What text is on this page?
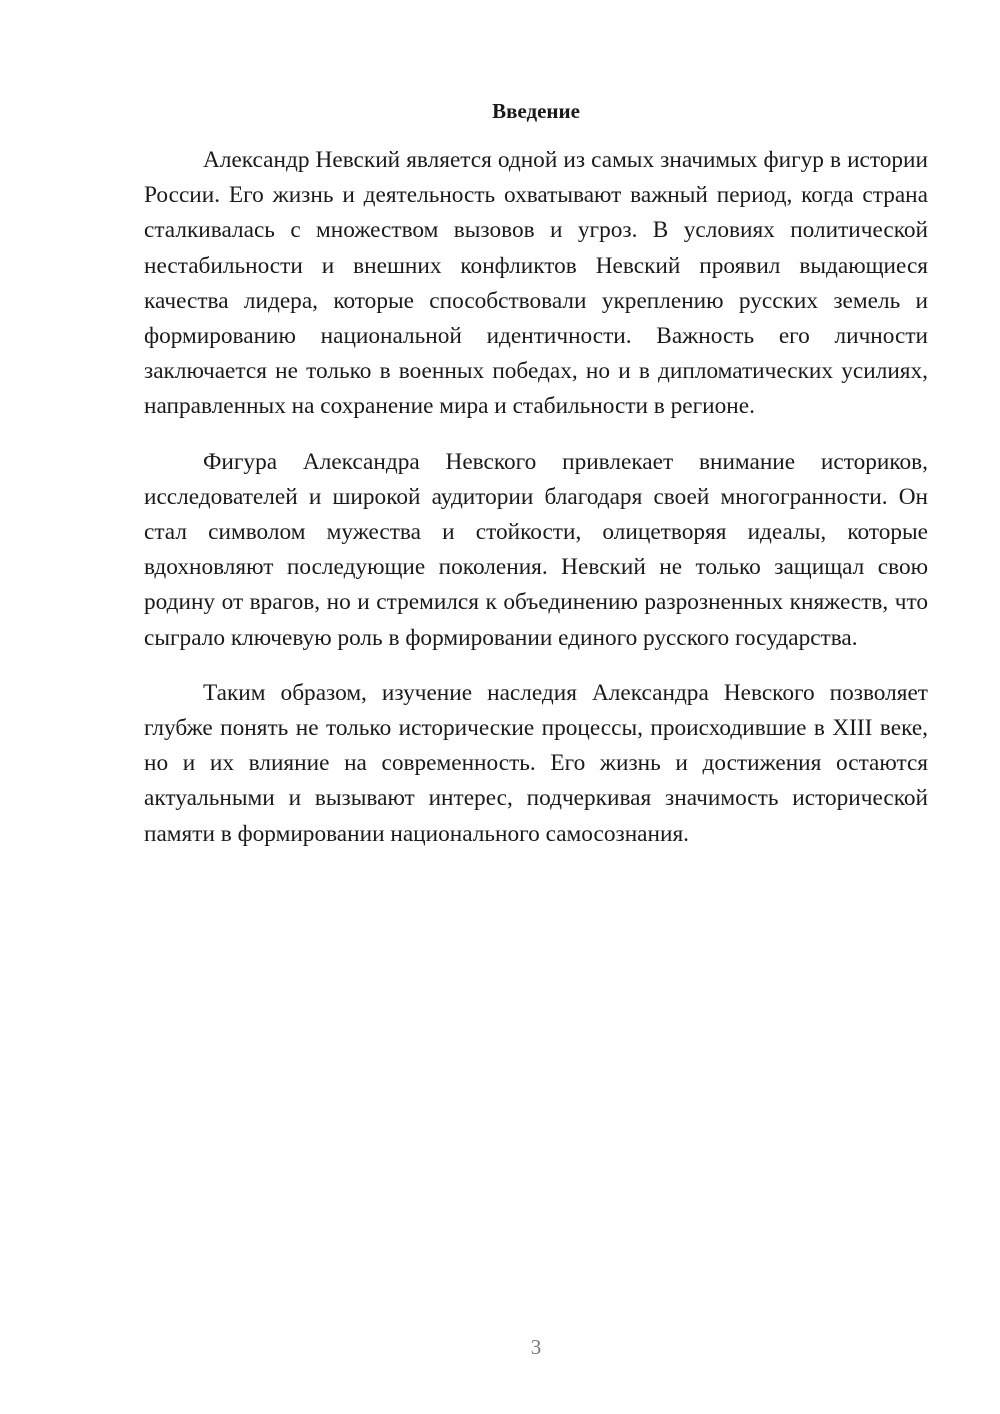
Введение

Александр Невский является одной из самых значимых фигур в истории России. Его жизнь и деятельность охватывают важный период, когда страна сталкивалась с множеством вызовов и угроз. В условиях политической нестабильности и внешних конфликтов Невский проявил выдающиеся качества лидера, которые способствовали укреплению русских земель и формированию национальной идентичности. Важность его личности заключается не только в военных победах, но и в дипломатических усилиях, направленных на сохранение мира и стабильности в регионе.

Фигура Александра Невского привлекает внимание историков, исследователей и широкой аудитории благодаря своей многогранности. Он стал символом мужества и стойкости, олицетворяя идеалы, которые вдохновляют последующие поколения. Невский не только защищал свою родину от врагов, но и стремился к объединению разрозненных княжеств, что сыграло ключевую роль в формировании единого русского государства.

Таким образом, изучение наследия Александра Невского позволяет глубже понять не только исторические процессы, происходившие в XIII веке, но и их влияние на современность. Его жизнь и достижения остаются актуальными и вызывают интерес, подчеркивая значимость исторической памяти в формировании национального самосознания.

3
